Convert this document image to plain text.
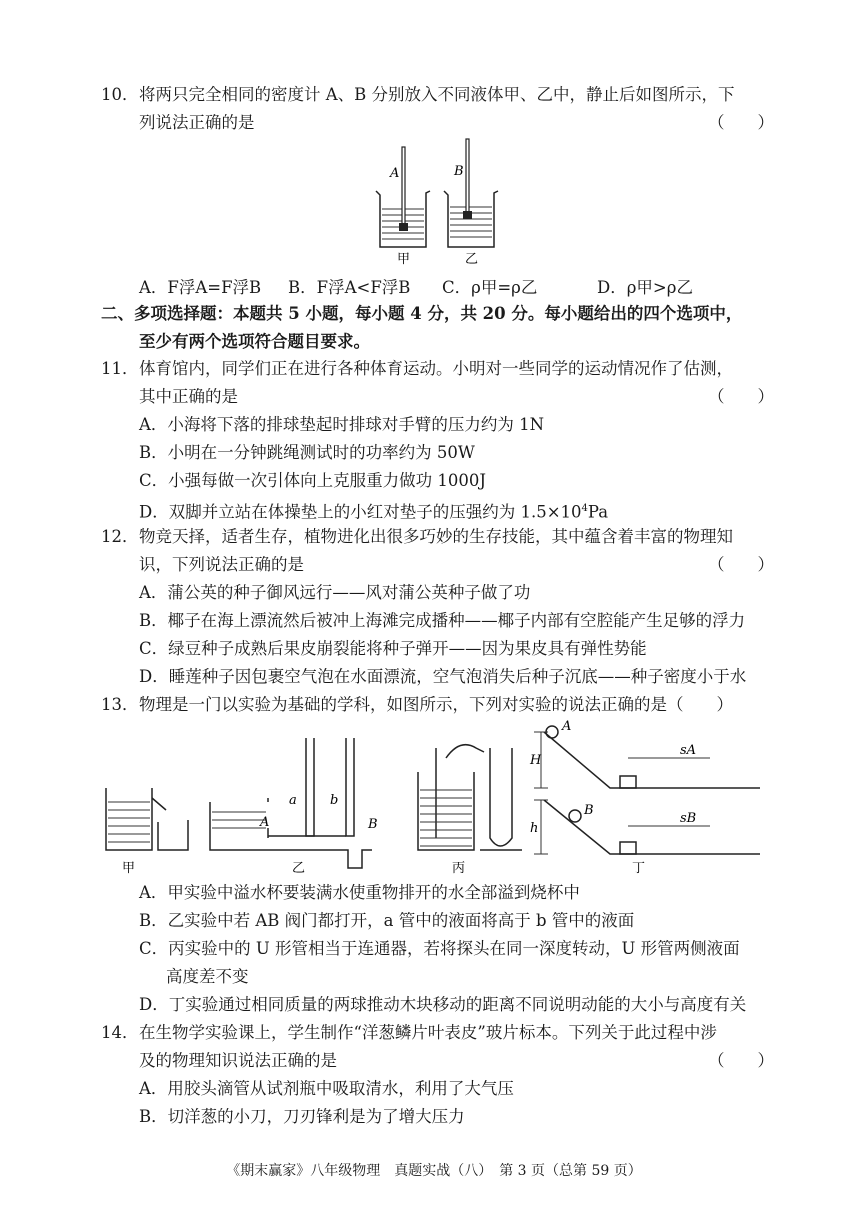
10． 将两只完全相同的密度计 A、B 分别放入不同液体甲、乙中，静止后如图所示，下
列说法正确的是	（　　）
A	B
甲	乙
A．F浮A=F浮B B．F浮A<F浮B C．ρ甲=ρ乙	D．ρ甲>ρ乙
二、多项选择题：本题共 5 小题，每小题 4 分，共 20 分。每小题给出的四个选项中，
至少有两个选项符合题目要求。
11． 体育馆内，同学们正在进行各种体育运动。小明对一些同学的运动情况作了估测，
其中正确的是	（　　）
A．小海将下落的排球垫起时排球对手臂的压力约为 1N
B．小明在一分钟跳绳测试时的功率约为 50W
C．小强每做一次引体向上克服重力做功 1000J
D．双脚并立站在体操垫上的小红对垫子的压强约为 $1.5\times 10^4Pa$
12． 物竞天择，适者生存，植物进化出很多巧妙的生存技能，其中蕴含着丰富的物理知
识，下列说法正确的是	（　　）
A．蒲公英的种子御风远行——风对蒲公英种子做了功
B．椰子在海上漂流然后被冲上海滩完成播种——椰子内部有空腔能产生足够的浮力
C．绿豆种子成熟后果皮崩裂能将种子弹开——因为果皮具有弹性势能
D．睡莲种子因包裹空气泡在水面漂流，空气泡消失后种子沉底——种子密度小于水
13． 物理是一门以实验为基础的学科，如图所示，下列对实验的说法正确的是（　　）
A	B
a	b
A
B
H
h
sA
sB
甲	乙	丙	丁
A．甲实验中溢水杯要装满水使重物排开的水全部溢到烧杯中
B．乙实验中若 AB 阀门都打开，a 管中的液面将高于 b 管中的液面
C．丙实验中的 U 形管相当于连通器，若将探头在同一深度转动，U 形管两侧液面
高度差不变
D．丁实验通过相同质量的两球推动木块移动的距离不同说明动能的大小与高度有关
14． 在生物学实验课上，学生制作“洋葱鳞片叶表皮”玻片标本。下列关于此过程中涉
及的物理知识说法正确的是	（　　）
A．用胶头滴管从试剂瓶中吸取清水，利用了大气压
B．切洋葱的小刀，刀刃锋利是为了增大压力
《期末赢家》八年级物理　真题实战（八）　第 3 页（总第 59 页）
